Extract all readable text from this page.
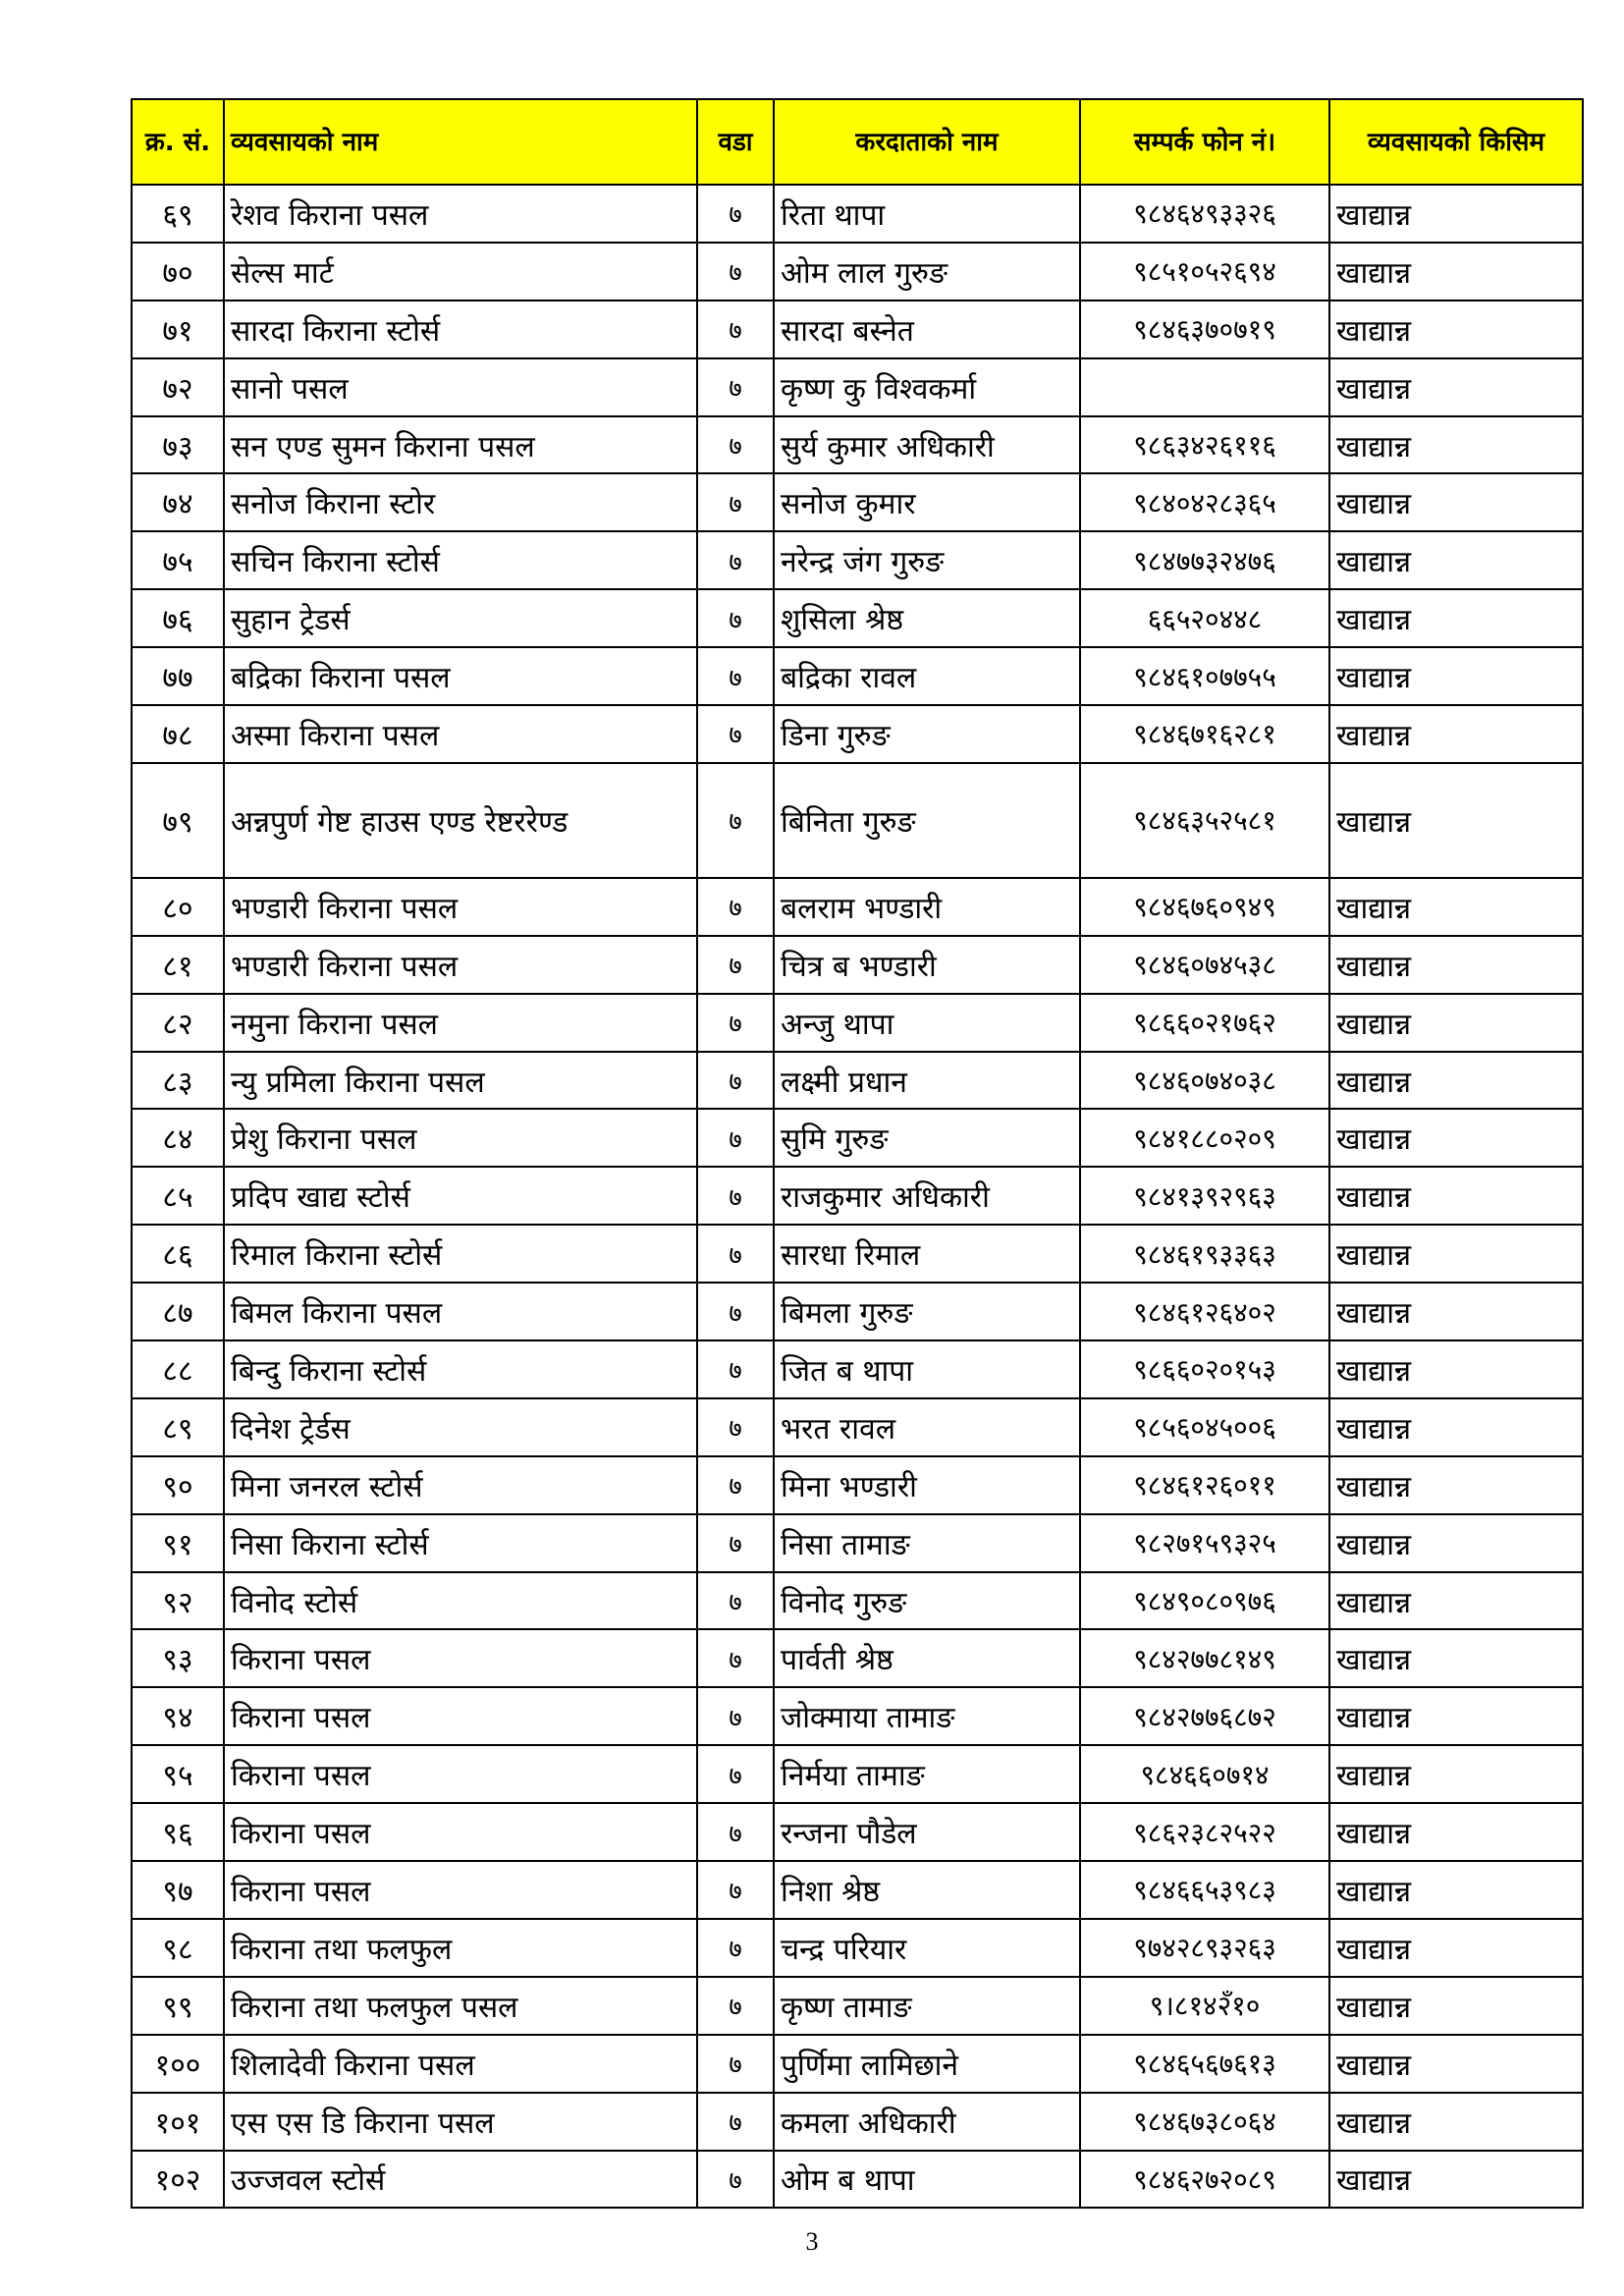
क्र. सं.	व्यवसायको नाम	वडा	करदाताको नाम	सम्पर्क फोन नं।	व्यवसायको किसिम
६९	रेशव किराना पसल	७	रिता थापा	९८४६४९३३२६	खाद्यान्न
७०	सेल्स मार्ट	७	ओम लाल गुरुङ	९८५१०५२६९४	खाद्यान्न
७१	सारदा किराना स्टोर्स	७	सारदा बस्नेत	९८४६३७०७१९	खाद्यान्न
७२	सानो पसल	७	कृष्ण कु विश्वकर्मा		खाद्यान्न
७३	सन एण्ड सुमन किराना पसल	७	सुर्य कुमार अधिकारी	९८६३४२६११६	खाद्यान्न
७४	सनोज किराना स्टोर	७	सनोज कुमार	९८४०४२८३६५	खाद्यान्न
७५	सचिन किराना स्टोर्स	७	नरेन्द्र जंग गुरुङ	९८४७७३२४७६	खाद्यान्न
७६	सुहान ट्रेडर्स	७	शुसिला श्रेष्ठ	६६५२०४४८	खाद्यान्न
७७	बद्रिका किराना पसल	७	बद्रिका रावल	९८४६१०७७५५	खाद्यान्न
७८	अस्मा किराना पसल	७	डिना गुरुङ	९८४६७१६२८१	खाद्यान्न
७९	अन्नपुर्ण गेष्ट हाउस एण्ड रेष्टररेण्ड	७	बिनिता गुरुङ	९८४६३५२५८१	खाद्यान्न
८०	भण्डारी किराना पसल	७	बलराम भण्डारी	९८४६७६०९४९	खाद्यान्न
८१	भण्डारी किराना पसल	७	चित्र ब भण्डारी	९८४६०७४५३८	खाद्यान्न
८२	नमुना किराना पसल	७	अन्जु थापा	९८६६०२१७६२	खाद्यान्न
८३	न्यु प्रमिला किराना पसल	७	लक्ष्मी प्रधान	९८४६०७४०३८	खाद्यान्न
८४	प्रेशु किराना पसल	७	सुमि गुरुङ	९८४१८८०२०९	खाद्यान्न
८५	प्रदिप खाद्य स्टोर्स	७	राजकुमार अधिकारी	९८४१३९२९६३	खाद्यान्न
८६	रिमाल किराना स्टोर्स	७	सारधा रिमाल	९८४६१९३३६३	खाद्यान्न
८७	बिमल किराना पसल	७	बिमला गुरुङ	९८४६१२६४०२	खाद्यान्न
८८	बिन्दु किराना स्टोर्स	७	जित ब थापा	९८६६०२०१५३	खाद्यान्न
८९	दिनेश ट्रेर्डस	७	भरत रावल	९८५६०४५००६	खाद्यान्न
९०	मिना जनरल स्टोर्स	७	मिना भण्डारी	९८४६१२६०११	खाद्यान्न
९१	निसा किराना स्टोर्स	७	निसा तामाङ	९८२७१५९३२५	खाद्यान्न
९२	विनोद स्टोर्स	७	विनोद गुरुङ	९८४९०८०९७६	खाद्यान्न
९३	किराना पसल	७	पार्वती श्रेष्ठ	९८४२७७८१४९	खाद्यान्न
९४	किराना पसल	७	जोक्माया तामाङ	९८४२७७६८७२	खाद्यान्न
९५	किराना पसल	७	निर्मया तामाङ	९८४६६०७१४	खाद्यान्न
९६	किराना पसल	७	रन्जना पौडेल	९८६२३८२५२२	खाद्यान्न
९७	किराना पसल	७	निशा श्रेष्ठ	९८४६६५३९८३	खाद्यान्न
९८	किराना तथा फलफुल	७	चन्द्र परियार	९७४२८९३२६३	खाद्यान्न
९९	किराना तथा फलफुल पसल	७	कृष्ण तामाङ	९।८१४२ँ१०	खाद्यान्न
१००	शिलादेवी किराना पसल	७	पुर्णिमा लामिछाने	९८४६५६७६१३	खाद्यान्न
१०१	एस एस डि किराना पसल	७	कमला अधिकारी	९८४६७३८०६४	खाद्यान्न
१०२	उज्जवल स्टोर्स	७	ओम ब थापा	९८४६२७२०८९	खाद्यान्न
3
